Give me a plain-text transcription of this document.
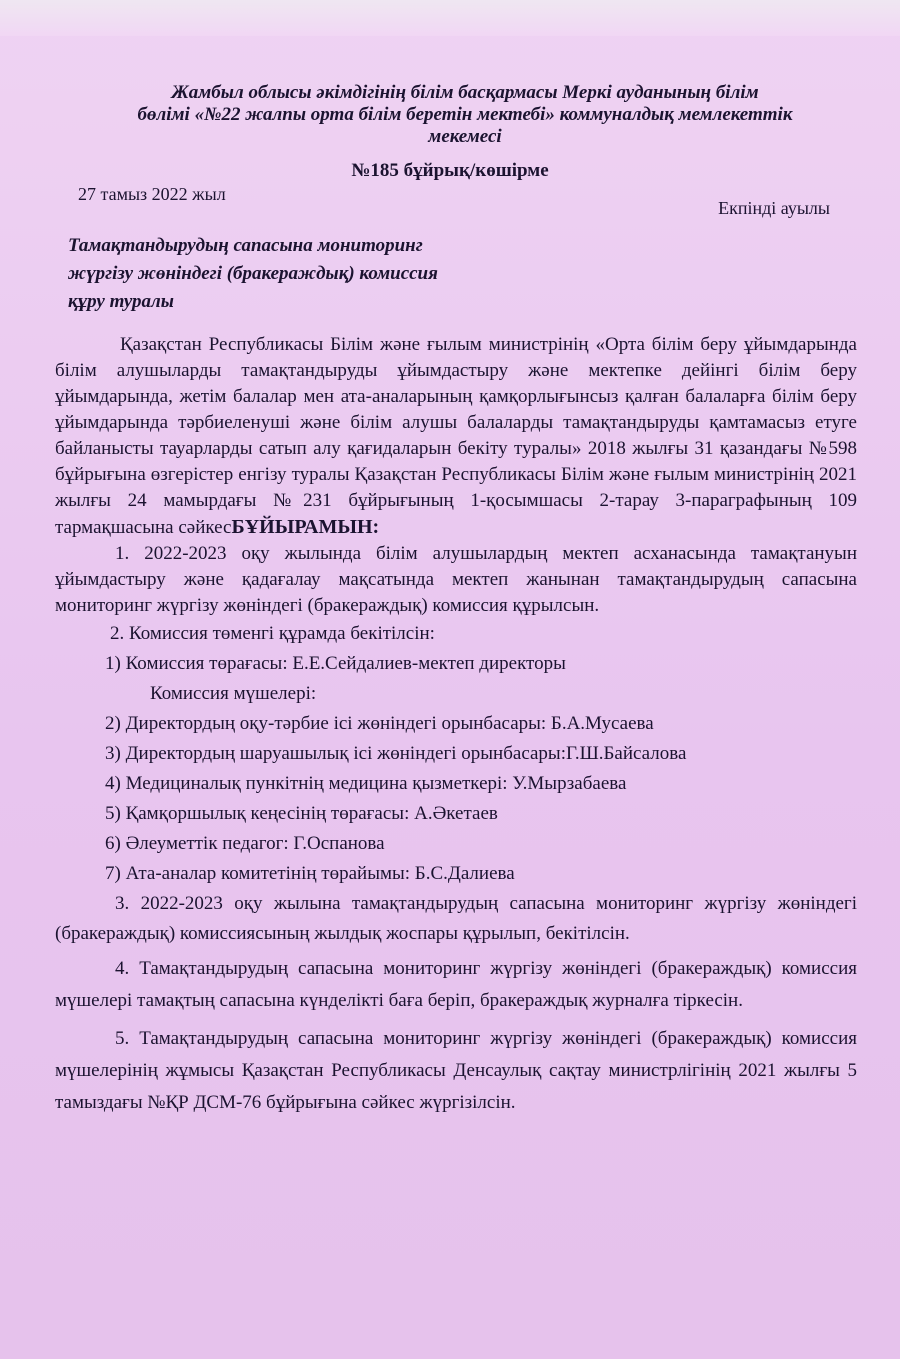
Жамбыл облысы әкімдігінің білім басқармасы Меркі ауданының білім
бөлімі «№22 жалпы орта білім беретін мектебі» коммуналдық мемлекеттік
мекемесі
№185 бұйрық/көшірме
27 тамыз 2022 жыл
Екпінді ауылы
Тамақтандырудың сапасына мониторинг
жүргізу жөніндегі (бракераждық) комиссия
құру туралы

Қазақстан Республикасы Білім және ғылым министрінің «Орта білім беру ұйымдарында білім алушыларды тамақтандыруды ұйымдастыру және мектепке дейінгі білім беру ұйымдарында, жетім балалар мен ата-аналарының қамқорлығынсыз қалған балаларға білім беру ұйымдарында тәрбиеленуші және білім алушы балаларды тамақтандыруды қамтамасыз етуге байланысты тауарларды сатып алу қағидаларын бекіту туралы» 2018 жылғы 31 қазандағы №598 бұйрығына өзгерістер енгізу туралы Қазақстан Республикасы Білім және ғылым министрінің 2021 жылғы 24 мамырдағы №231 бұйрығының 1-қосымшасы 2-тарау 3-параграфының 109 тармақшасына сәйкесБҰЙЫРАМЫН:

1. 2022-2023 оқу жылында білім алушылардың мектеп асханасында тамақтануын ұйымдастыру және қадағалау мақсатында мектеп жанынан тамақтандырудың сапасына мониторинг жүргізу жөніндегі (бракераждық) комиссия құрылсын.

2. Комиссия төменгі құрамда бекітілсін:
1) Комиссия төрағасы: Е.Е.Сейдалиев-мектеп директоры
Комиссия мүшелері:
2) Директордың оқу-тәрбие ісі жөніндегі орынбасары: Б.А.Мусаева
3) Директордың шаруашылық ісі жөніндегі орынбасары:Г.Ш.Байсалова
4) Медициналық пункітнің медицина қызметкері: У.Мырзабаева
5) Қамқоршылық кеңесінің төрағасы: А.Әкетаев
6) Әлеуметтік педагог: Г.Оспанова
7) Ата-аналар комитетінің төрайымы: Б.С.Далиева

3. 2022-2023 оқу жылына тамақтандырудың сапасына мониторинг жүргізу жөніндегі (бракераждық) комиссиясының жылдық жоспары құрылып, бекітілсін.

4. Тамақтандырудың сапасына мониторинг жүргізу жөніндегі (бракераждық) комиссия мүшелері тамақтың сапасына күнделікті баға беріп, бракераждық журналға тіркесін.

5. Тамақтандырудың сапасына мониторинг жүргізу жөніндегі (бракераждық) комиссия мүшелерінің жұмысы Қазақстан Республикасы Денсаулық сақтау министрлігінің 2021 жылғы 5 тамыздағы №ҚР ДСМ-76 бұйрығына сәйкес жүргізілсін.
